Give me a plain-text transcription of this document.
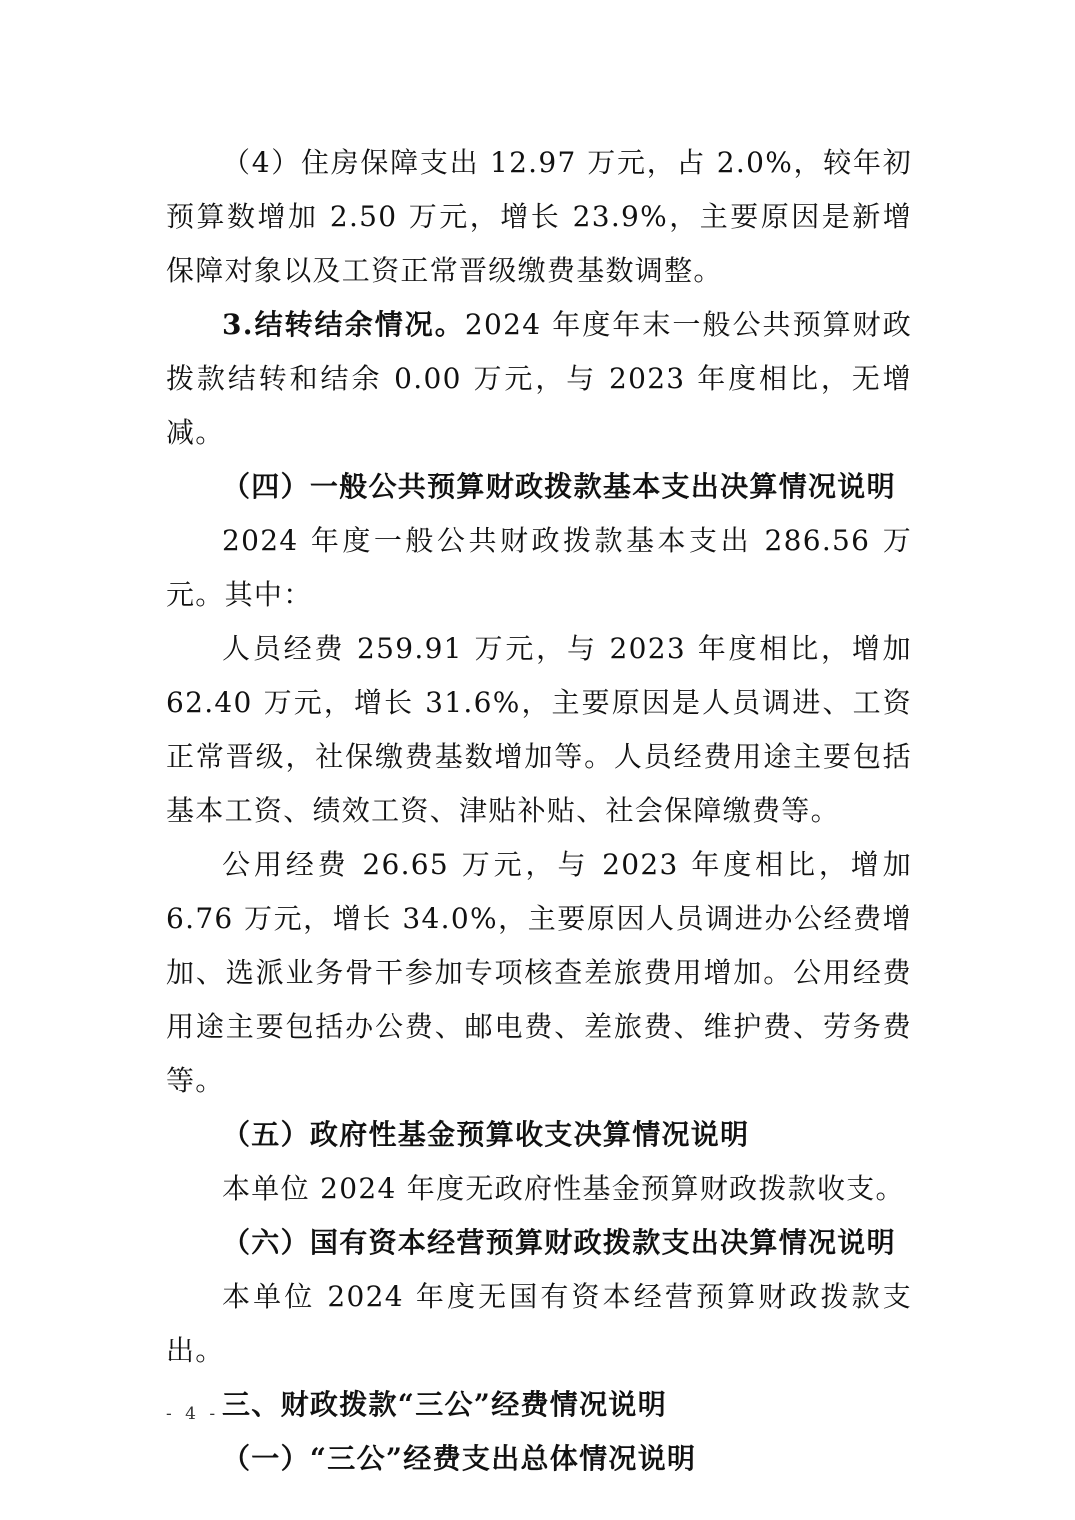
（4）住房保障支出 12.97 万元，占 2.0%，较年初预算数增加 2.50 万元，增长 23.9%，主要原因是新增保障对象以及工资正常晋级缴费基数调整。

3.结转结余情况。2024 年度年末一般公共预算财政拨款结转和结余 0.00 万元，与 2023 年度相比，无增减。

（四）一般公共预算财政拨款基本支出决算情况说明

2024 年度一般公共财政拨款基本支出 286.56 万元。其中：

人员经费 259.91 万元，与 2023 年度相比，增加 62.40 万元，增长 31.6%，主要原因是人员调进、工资正常晋级，社保缴费基数增加等。人员经费用途主要包括基本工资、绩效工资、津贴补贴、社会保障缴费等。

公用经费 26.65 万元，与 2023 年度相比，增加 6.76 万元，增长 34.0%，主要原因人员调进办公经费增加、选派业务骨干参加专项核查差旅费用增加。公用经费用途主要包括办公费、邮电费、差旅费、维护费、劳务费等。

（五）政府性基金预算收支决算情况说明

本单位 2024 年度无政府性基金预算财政拨款收支。

（六）国有资本经营预算财政拨款支出决算情况说明

本单位 2024 年度无国有资本经营预算财政拨款支出。

三、财政拨款“三公”经费情况说明

（一）“三公”经费支出总体情况说明

- 4 -
